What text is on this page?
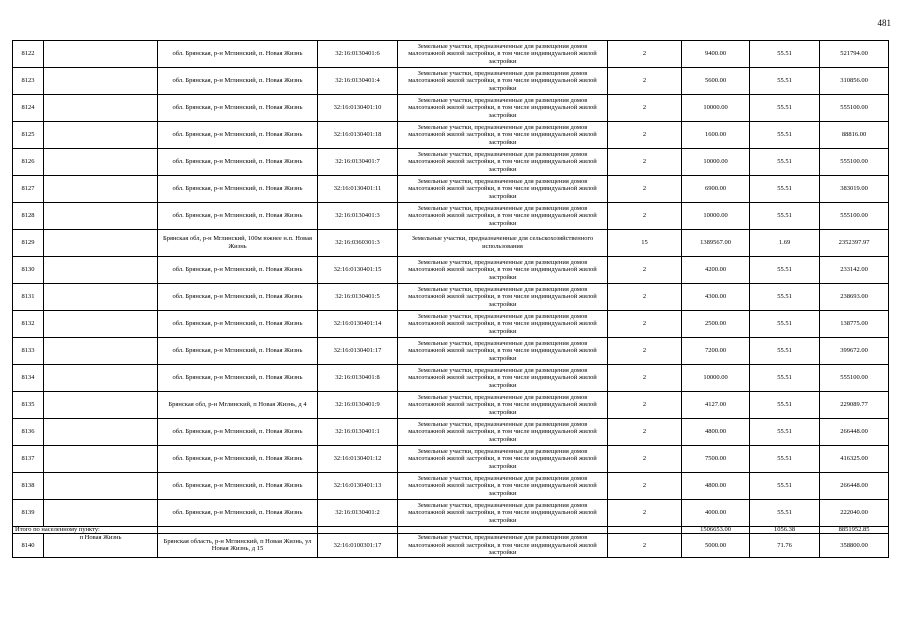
481
8122		обл. Брянская, р-н Мглинский, п. Новая Жизнь	32:16:0130401:6	Земельные участки, предназначенные для размещения домов малоэтажной жилой застройки, в том числе индивидуальной жилой застройки	2	9400.00	55.51	521794.00
8123		обл. Брянская, р-н Мглинский, п. Новая Жизнь	32:16:0130401:4	Земельные участки, предназначенные для размещения домов малоэтажной жилой застройки, в том числе индивидуальной жилой застройки	2	5600.00	55.51	310856.00
8124		обл. Брянская, р-н Мглинский, п. Новая Жизнь	32:16:0130401:10	Земельные участки, предназначенные для размещения домов малоэтажной жилой застройки, в том числе индивидуальной жилой застройки	2	10000.00	55.51	555100.00
8125		обл. Брянская, р-н Мглинский, п. Новая Жизнь	32:16:0130401:18	Земельные участки, предназначенные для размещения домов малоэтажной жилой застройки, в том числе индивидуальной жилой застройки	2	1600.00	55.51	88816.00
8126		обл. Брянская, р-н Мглинский, п. Новая Жизнь	32:16:0130401:7	Земельные участки, предназначенные для размещения домов малоэтажной жилой застройки, в том числе индивидуальной жилой застройки	2	10000.00	55.51	555100.00
8127		обл. Брянская, р-н Мглинский, п. Новая Жизнь	32:16:0130401:11	Земельные участки, предназначенные для размещения домов малоэтажной жилой застройки, в том числе индивидуальной жилой застройки	2	6900.00	55.51	383019.00
8128		обл. Брянская, р-н Мглинский, п. Новая Жизнь	32:16:0130401:3	Земельные участки, предназначенные для размещения домов малоэтажной жилой застройки, в том числе индивидуальной жилой застройки	2	10000.00	55.51	555100.00
8129		Брянская обл, р-н Мглинский, 100м южнее н.п. Новая Жизнь	32:16:0360301:3	Земельные участки, предназначенные для сельскохозяйственного использования	15	1389567.00	1.69	2352397.97
8130		обл. Брянская, р-н Мглинский, п. Новая Жизнь	32:16:0130401:15	Земельные участки, предназначенные для размещения домов малоэтажной жилой застройки, в том числе индивидуальной жилой застройки	2	4200.00	55.51	233142.00
8131		обл. Брянская, р-н Мглинский, п. Новая Жизнь	32:16:0130401:5	Земельные участки, предназначенные для размещения домов малоэтажной жилой застройки, в том числе индивидуальной жилой застройки	2	4300.00	55.51	238693.00
8132		обл. Брянская, р-н Мглинский, п. Новая Жизнь	32:16:0130401:14	Земельные участки, предназначенные для размещения домов малоэтажной жилой застройки, в том числе индивидуальной жилой застройки	2	2500.00	55.51	138775.00
8133		обл. Брянская, р-н Мглинский, п. Новая Жизнь	32:16:0130401:17	Земельные участки, предназначенные для размещения домов малоэтажной жилой застройки, в том числе индивидуальной жилой застройки	2	7200.00	55.51	399672.00
8134		обл. Брянская, р-н Мглинский, п. Новая Жизнь	32:16:0130401:8	Земельные участки, предназначенные для размещения домов малоэтажной жилой застройки, в том числе индивидуальной жилой застройки	2	10000.00	55.51	555100.00
8135		Брянская обл, р-н Мглинский, п Новая Жизнь, д 4	32:16:0130401:9	Земельные участки, предназначенные для размещения домов малоэтажной жилой застройки, в том числе индивидуальной жилой застройки	2	4127.00	55.51	229089.77
8136		обл. Брянская, р-н Мглинский, п. Новая Жизнь	32:16:0130401:1	Земельные участки, предназначенные для размещения домов малоэтажной жилой застройки, в том числе индивидуальной жилой застройки	2	4800.00	55.51	266448.00
8137		обл. Брянская, р-н Мглинский, п. Новая Жизнь	32:16:0130401:12	Земельные участки, предназначенные для размещения домов малоэтажной жилой застройки, в том числе индивидуальной жилой застройки	2	7500.00	55.51	416325.00
8138		обл. Брянская, р-н Мглинский, п. Новая Жизнь	32:16:0130401:13	Земельные участки, предназначенные для размещения домов малоэтажной жилой застройки, в том числе индивидуальной жилой застройки	2	4800.00	55.51	266448.00
8139		обл. Брянская, р-н Мглинский, п. Новая Жизнь	32:16:0130401:2	Земельные участки, предназначенные для размещения домов малоэтажной жилой застройки, в том числе индивидуальной жилой застройки	2	4000.00	55.51	222040.00
Итого по населенному пункту:						1506653.00	1056.38	8851952.85
8140	п Новая Жизнь	Брянская область, р-н Мглинский, п Новая Жизнь, ул Новая Жизнь, д 15	32:16:0100301:17	Земельные участки, предназначенные для размещения домов малоэтажной жилой застройки, в том числе индивидуальной жилой застройки	2	5000.00	71.76	358800.00
